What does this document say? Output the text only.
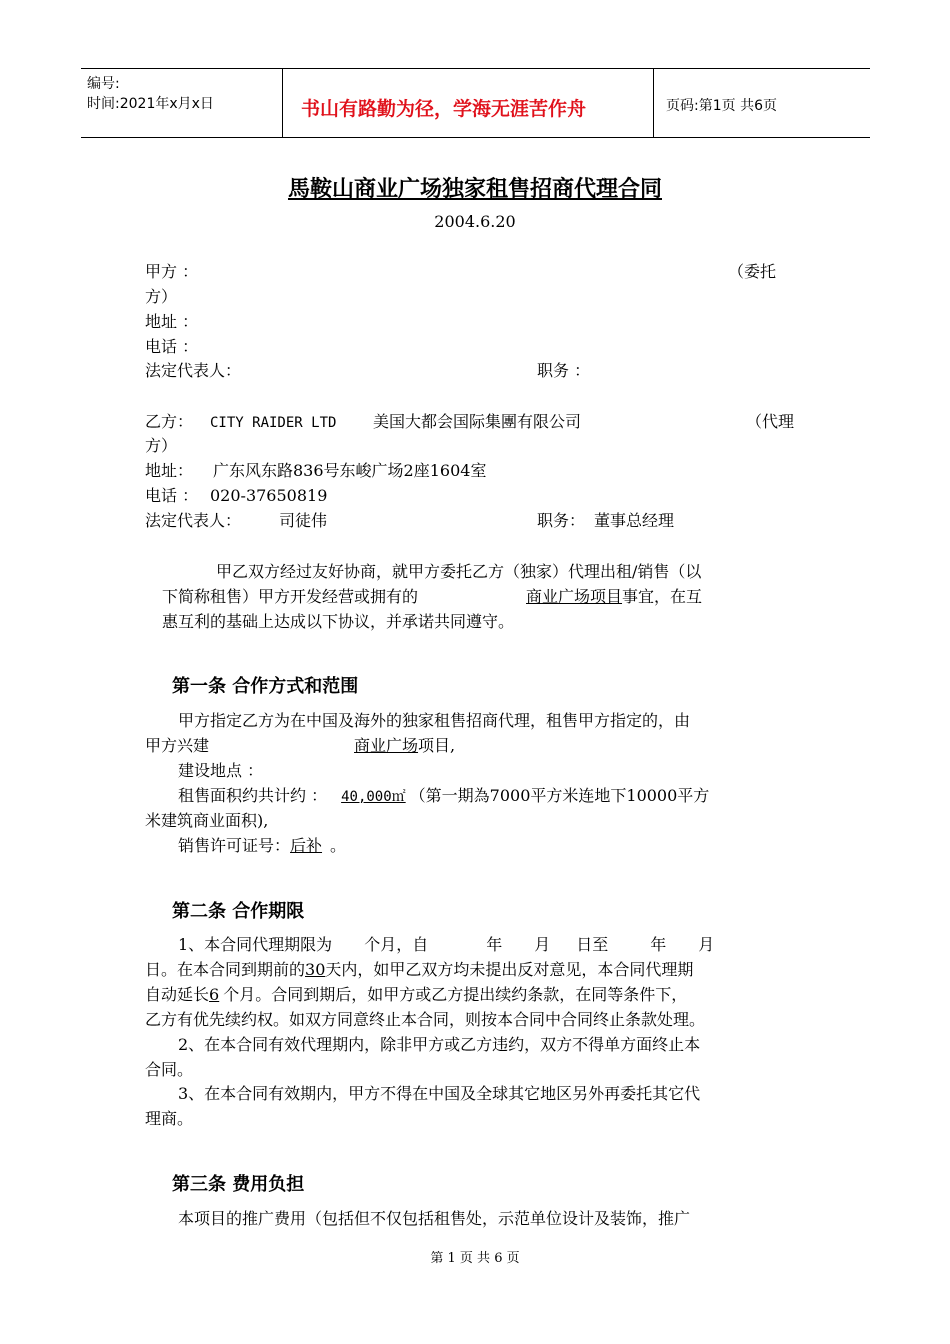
编号:
时间:2021年x月x日	书山有路勤为径，学海无涯苦作舟	页码:第1页 共6页
馬鞍山商业广场独家租售招商代理合同
2004.6.20
甲方 ：	（委托
方）
地址 ：
电话 ：
法定代表人：	职务 ：
乙方： CITY RAIDER LTD 美国大都会国际集團有限公司	（代理
方）
地址： 广东风东路836号东峻广场2座1604室
电话 ： 020-37650819
法定代表人： 司徒伟	职务： 董事总经理
甲乙双方经过友好协商，就甲方委托乙方（独家）代理出租/销售（以
下简称租售）甲方开发经营或拥有的	商业广场项目事宜，在互
惠互利的基础上达成以下协议，并承诺共同遵守。
第一条 合作方式和范围
甲方指定乙方为在中国及海外的独家租售招商代理，租售甲方指定的，由
甲方兴建	商业广场项目,
建设地点 ：
租售面积约共计约 ： 40,000㎡ （第一期為7000平方米连地下10000平方
米建筑商业面积),
销售许可证号：后补 。
第二条 合作期限
1、本合同代理期限为 个月，自	年 月 日至	年 月
日。在本合同到期前的30天内，如甲乙双方均未提出反对意见，本合同代理期
自动延长6 个月。合同到期后，如甲方或乙方提出续约条款，在同等条件下，
乙方有优先续约权。如双方同意终止本合同，则按本合同中合同终止条款处理。
2、在本合同有效代理期内，除非甲方或乙方违约，双方不得单方面终止本
合同。
3、在本合同有效期内，甲方不得在中国及全球其它地区另外再委托其它代
理商。
第三条 费用负担
本项目的推广费用（包括但不仅包括租售处，示范单位设计及装饰，推广
第 1 页 共 6 页
